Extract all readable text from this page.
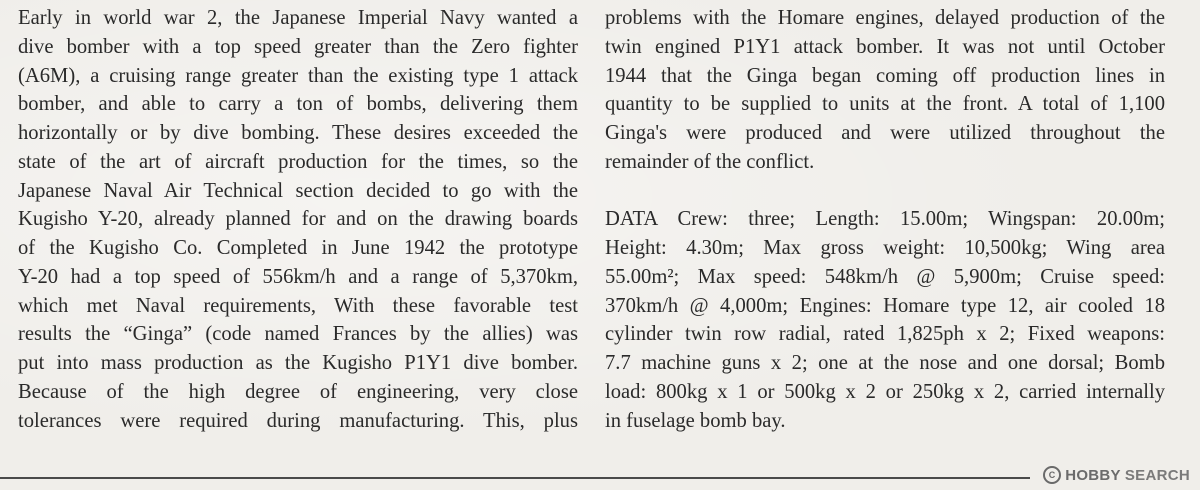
Early in world war 2, the Japanese Imperial Navy wanted a
dive bomber with a top speed greater than the Zero fighter
(A6M), a cruising range greater than the existing type 1 attack
bomber, and able to carry a ton of bombs, delivering them
horizontally or by dive bombing. These desires exceeded the
state of the art of aircraft production for the times, so the
Japanese Naval Air Technical section decided to go with the
Kugisho Y-20, already planned for and on the drawing boards
of the Kugisho Co. Completed in June 1942 the prototype
Y-20 had a top speed of 556km/h and a range of 5,370km,
which met Naval requirements, With these favorable test
results the “Ginga” (code named Frances by the allies) was
put into mass production as the Kugisho P1Y1 dive bomber.
Because of the high degree of engineering, very close
tolerances were required during manufacturing. This, plus
problems with the Homare engines, delayed production of the
twin engined P1Y1 attack bomber. It was not until October
1944 that the Ginga began coming off production lines in
quantity to be supplied to units at the front. A total of 1,100
Ginga's were produced and were utilized throughout the
remainder of the conflict.
DATA Crew: three; Length: 15.00m; Wingspan: 20.00m;
Height: 4.30m; Max gross weight: 10,500kg; Wing area
55.00m²; Max speed: 548km/h @ 5,900m; Cruise speed:
370km/h @ 4,000m; Engines: Homare type 12, air cooled 18
cylinder twin row radial, rated 1,825ph x 2; Fixed weapons:
7.7 machine guns x 2; one at the nose and one dorsal; Bomb
load: 800kg x 1 or 500kg x 2 or 250kg x 2, carried internally
in fuselage bomb bay.
C HOBBY SEARCH
